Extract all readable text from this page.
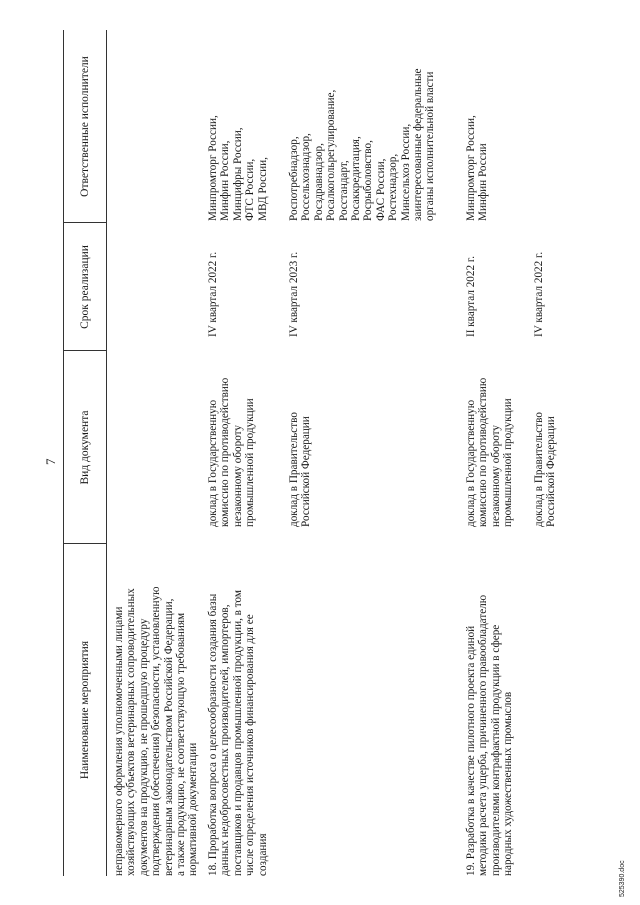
7
525390.doc
Наименование мероприятия
Вид документа
Срок реализации
Ответственные исполнители
неправомерного оформления уполномоченными лицами
хозяйствующих субъектов ветеринарных сопроводительных
документов на продукцию, не прошедшую процедуру
подтверждения (обеспечения) безопасности, установленную
ветеринарным законодательством Российской Федерации,
а также продукцию, не соответствующую требованиям
нормативной документации
18. Проработка вопроса о целесообразности создания базы
данных недобросовестных производителей, импортеров,
поставщиков и продавцов промышленной продукции, в том
числе определения источников финансирования для ее
создания
доклад в Государственную
комиссию по противодействию
незаконному обороту
промышленной продукции
IV квартал 2022 г.
Минпромторг России,
Минфин России,
Минцифры России,
ФТС России,
МВД России,
доклад в Правительство
Российской Федерации
IV квартал 2023 г.
Роспотребнадзор,
Россельхознадзор,
Росздравнадзор,
Росалкогольрегулирование,
Росстандарт,
Росаккредитация,
Росрыболовство,
ФАС России,
Ростехнадзор,
Минсельхоз России,
заинтересованные федеральные
органы исполнительной власти
19. Разработка в качестве пилотного проекта единой
методики расчета ущерба, причиненного правообладателю
производителями контрафактной продукции в сфере
народных художественных промыслов
доклад в Государственную
комиссию по противодействию
незаконному обороту
промышленной продукции
II квартал 2022 г.
Минпромторг России,
Минфин России
доклад в Правительство
Российской Федерации
IV квартал 2022 г.
